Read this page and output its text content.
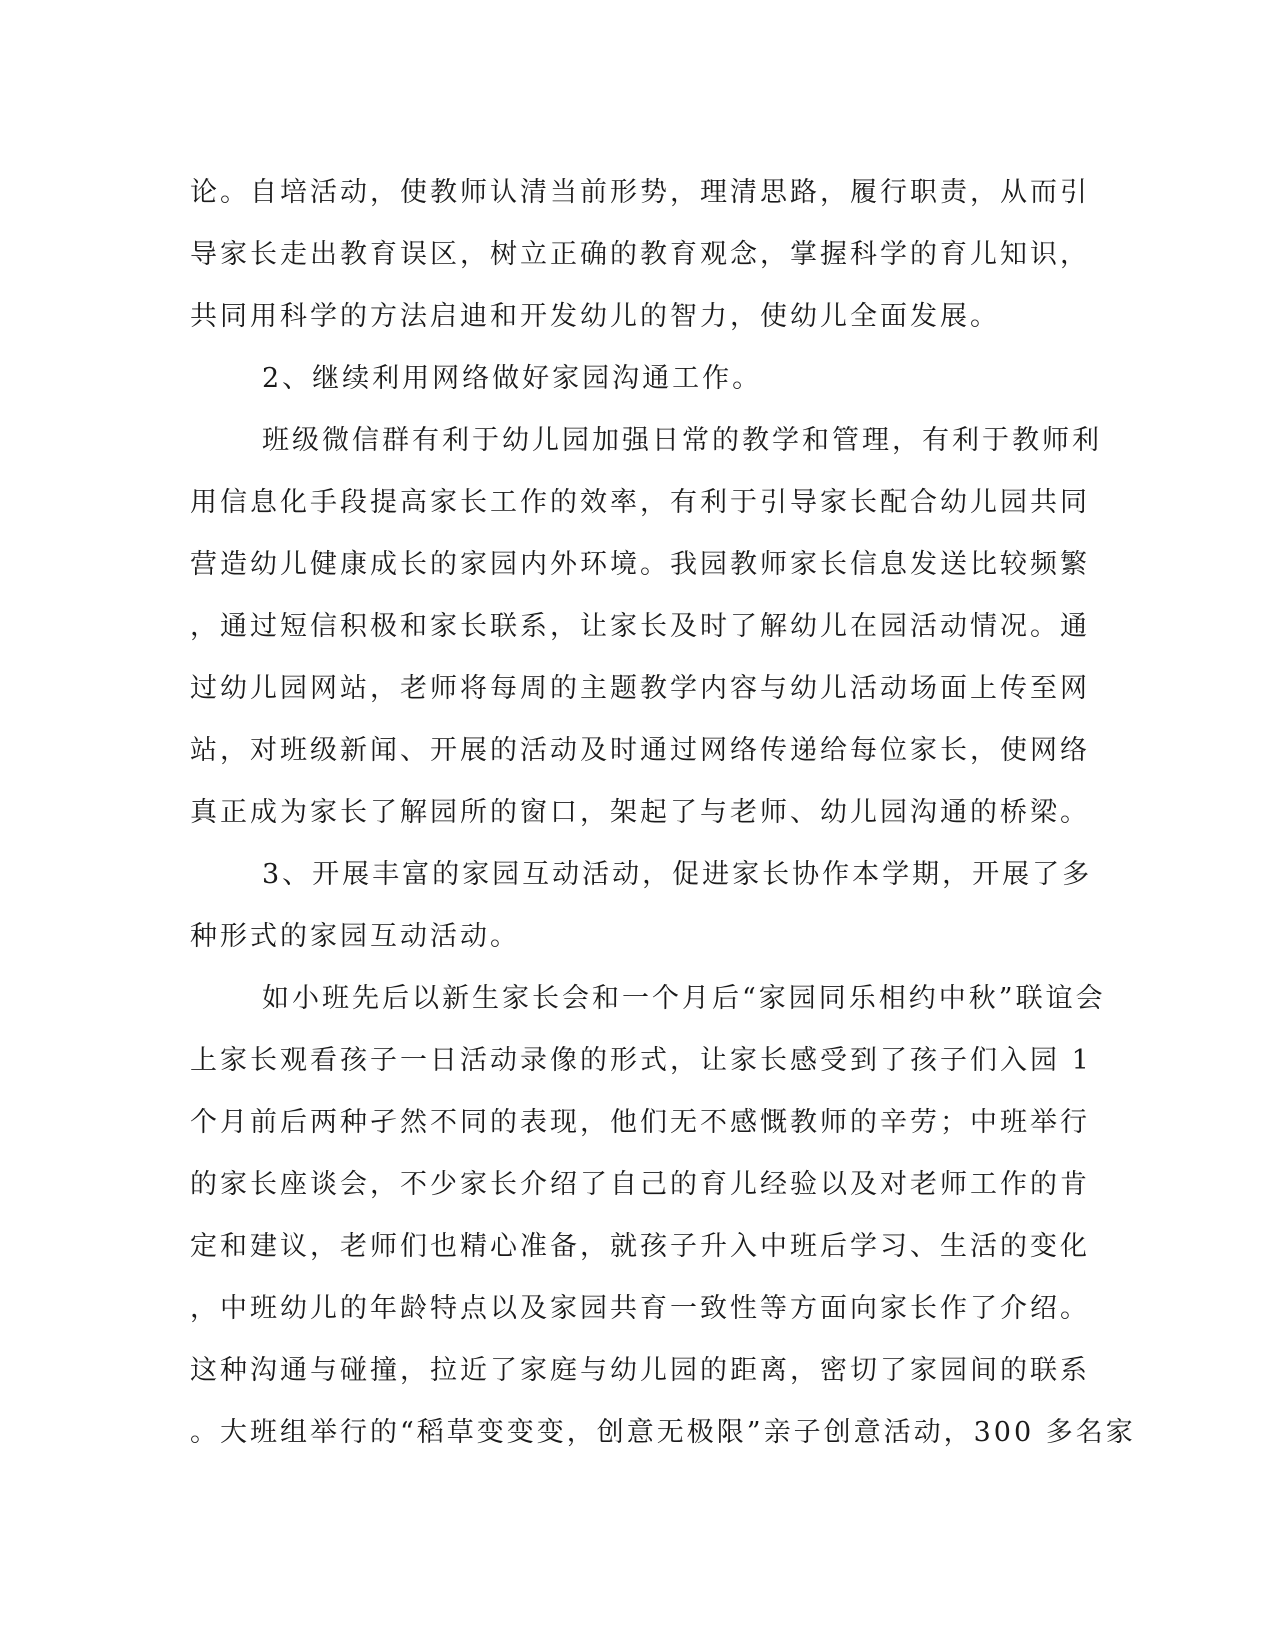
论。自培活动，使教师认清当前形势，理清思路，履行职责，从而引
导家长走出教育误区，树立正确的教育观念，掌握科学的育儿知识，
共同用科学的方法启迪和开发幼儿的智力，使幼儿全面发展。
2、继续利用网络做好家园沟通工作。
班级微信群有利于幼儿园加强日常的教学和管理，有利于教师利
用信息化手段提高家长工作的效率，有利于引导家长配合幼儿园共同
营造幼儿健康成长的家园内外环境。我园教师家长信息发送比较频繁
，通过短信积极和家长联系，让家长及时了解幼儿在园活动情况。通
过幼儿园网站，老师将每周的主题教学内容与幼儿活动场面上传至网
站，对班级新闻、开展的活动及时通过网络传递给每位家长，使网络
真正成为家长了解园所的窗口，架起了与老师、幼儿园沟通的桥梁。
3、开展丰富的家园互动活动，促进家长协作本学期，开展了多
种形式的家园互动活动。
如小班先后以新生家长会和一个月后“家园同乐相约中秋”联谊会
上家长观看孩子一日活动录像的形式，让家长感受到了孩子们入园 1
个月前后两种孑然不同的表现，他们无不感慨教师的辛劳；中班举行
的家长座谈会，不少家长介绍了自己的育儿经验以及对老师工作的肯
定和建议，老师们也精心准备，就孩子升入中班后学习、生活的变化
，中班幼儿的年龄特点以及家园共育一致性等方面向家长作了介绍。
这种沟通与碰撞，拉近了家庭与幼儿园的距离，密切了家园间的联系
。大班组举行的“稻草变变变，创意无极限”亲子创意活动，300 多名家
